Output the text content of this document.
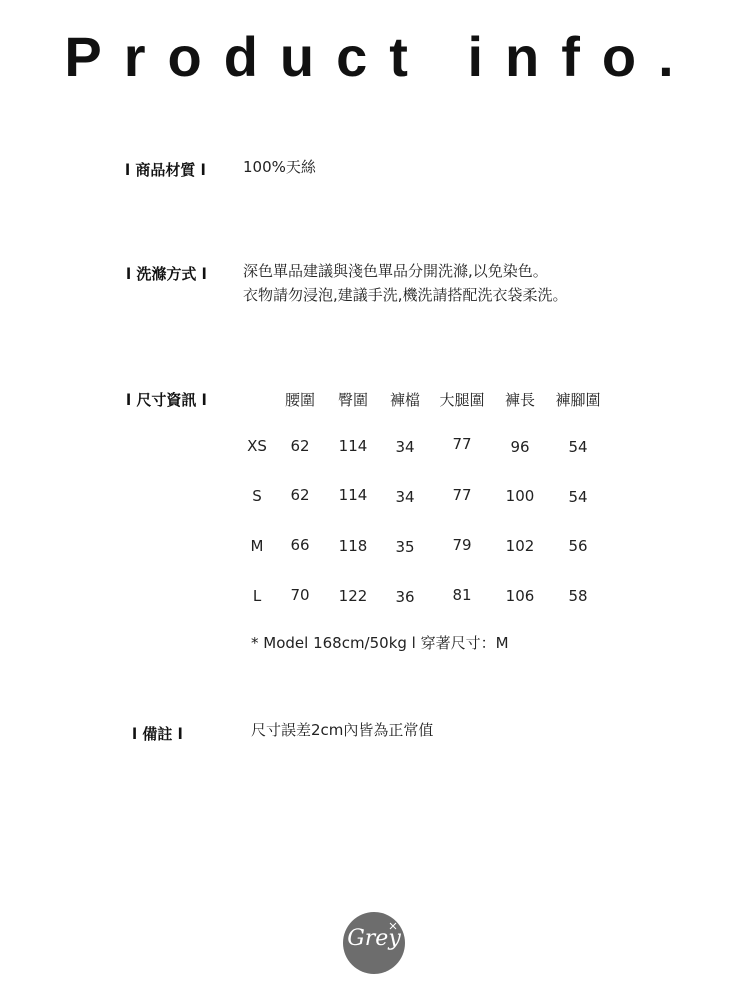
Product info.
l 商品材質 l 100%天絲
l 洗滌方式 l 深色單品建議與淺色單品分開洗滌,以免染色。
衣物請勿浸泡,建議手洗,機洗請搭配洗衣袋柔洗。
l 尺寸資訊 l	腰圍	臀圍	褲檔	大腿圍	褲長	褲腳圍
XS	62	114	34	77	96	54
S	62	114	34	77	100	54
M	66	118	35	79	102	56
L	70	122	36	81	106	58
* Model 168cm/50kg l 穿著尺寸：M
l 備註 l	尺寸誤差2cm內皆為正常值
Grey
